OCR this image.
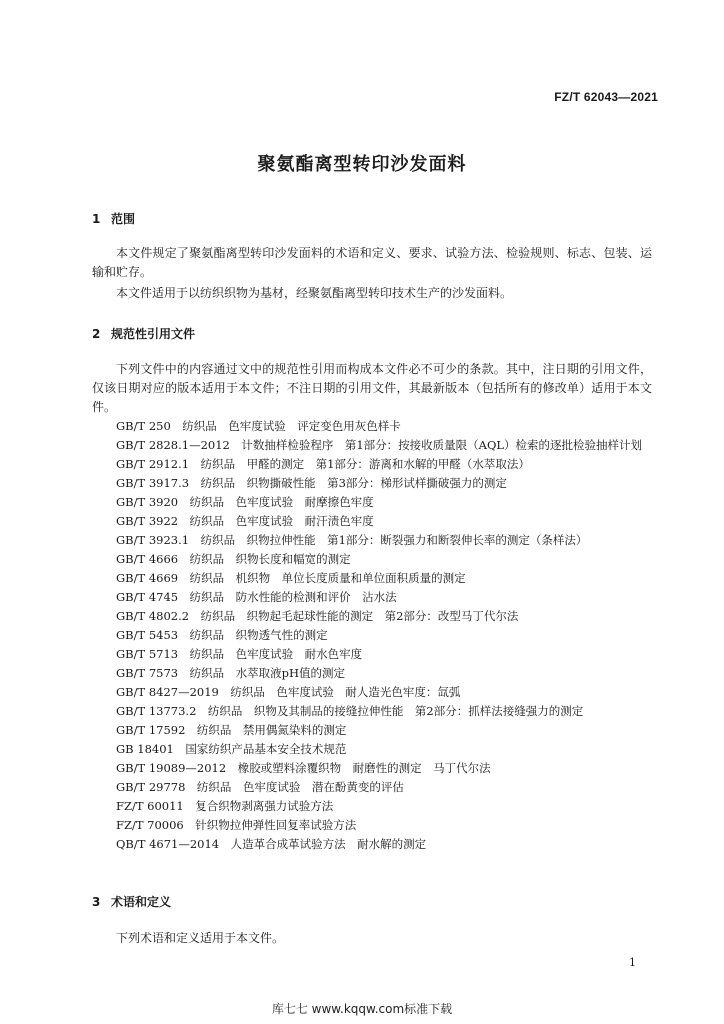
FZ/T 62043—2021
聚氨酯离型转印沙发面料
1 范围

本文件规定了聚氨酯离型转印沙发面料的术语和定义、要求、试验方法、检验规则、标志、包装、运输和贮存。

本文件适用于以纺织织物为基材，经聚氨酯离型转印技术生产的沙发面料。

2 规范性引用文件

下列文件中的内容通过文中的规范性引用而构成本文件必不可少的条款。其中，注日期的引用文件，仅该日期对应的版本适用于本文件；不注日期的引用文件，其最新版本（包括所有的修改单）适用于本文件。

GB/T 250　纺织品　色牢度试验　评定变色用灰色样卡
GB/T 2828.1—2012　计数抽样检验程序　第1部分：按接收质量限（AQL）检索的逐批检验抽样计划
GB/T 2912.1　纺织品　甲醛的测定　第1部分：游离和水解的甲醛（水萃取法）
GB/T 3917.3　纺织品　织物撕破性能　第3部分：梯形试样撕破强力的测定
GB/T 3920　纺织品　色牢度试验　耐摩擦色牢度
GB/T 3922　纺织品　色牢度试验　耐汗渍色牢度
GB/T 3923.1　纺织品　织物拉伸性能　第1部分：断裂强力和断裂伸长率的测定（条样法）
GB/T 4666　纺织品　织物长度和幅宽的测定
GB/T 4669　纺织品　机织物　单位长度质量和单位面积质量的测定
GB/T 4745　纺织品　防水性能的检测和评价　沾水法
GB/T 4802.2　纺织品　织物起毛起球性能的测定　第2部分：改型马丁代尔法
GB/T 5453　纺织品　织物透气性的测定
GB/T 5713　纺织品　色牢度试验　耐水色牢度
GB/T 7573　纺织品　水萃取液pH值的测定
GB/T 8427—2019　纺织品　色牢度试验　耐人造光色牢度：氙弧
GB/T 13773.2　纺织品　织物及其制品的接缝拉伸性能　第2部分：抓样法接缝强力的测定
GB/T 17592　纺织品　禁用偶氮染料的测定
GB 18401　国家纺织产品基本安全技术规范
GB/T 19089—2012　橡胶或塑料涂覆织物　耐磨性的测定　马丁代尔法
GB/T 29778　纺织品　色牢度试验　潜在酚黄变的评估
FZ/T 60011　复合织物剥离强力试验方法
FZ/T 70006　针织物拉伸弹性回复率试验方法
QB/T 4671—2014　人造革合成革试验方法　耐水解的测定
3 术语和定义

下列术语和定义适用于本文件。

1
库七七 www.kqqw.com标准下载
